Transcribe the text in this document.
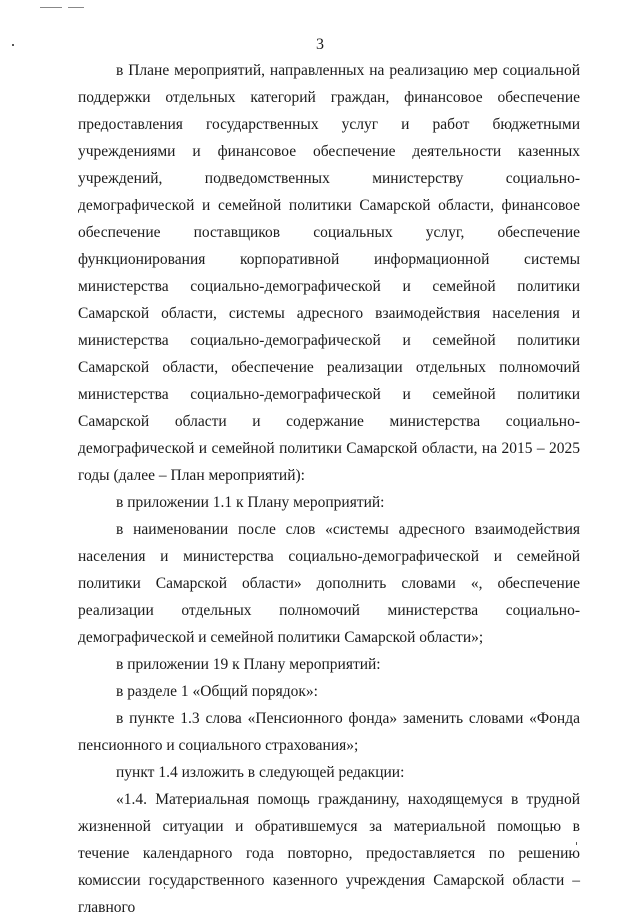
3

в Плане мероприятий, направленных на реализацию мер социальной поддержки отдельных категорий граждан, финансовое обеспечение предоставления государственных услуг и работ бюджетными учреждениями и финансовое обеспечение деятельности казенных учреждений, подведомственных министерству социально-демографической и семейной политики Самарской области, финансовое обеспечение поставщиков социальных услуг, обеспечение функционирования корпоративной информационной системы министерства социально-демографической и семейной политики Самарской области, системы адресного взаимодействия населения и министерства социально-демографической и семейной политики Самарской области, обеспечение реализации отдельных полномочий министерства социально-демографической и семейной политики Самарской области и содержание министерства социально-демографической и семейной политики Самарской области, на 2015 – 2025 годы (далее – План мероприятий):

в приложении 1.1 к Плану мероприятий:

в наименовании после слов «системы адресного взаимодействия населения и министерства социально-демографической и семейной политики Самарской области» дополнить словами «, обеспечение реализации отдельных полномочий министерства социально-демографической и семейной политики Самарской области»;

в приложении 19 к Плану мероприятий:

в разделе 1 «Общий порядок»:

в пункте 1.3 слова «Пенсионного фонда» заменить словами «Фонда пенсионного и социального страхования»;

пункт 1.4 изложить в следующей редакции:

«1.4. Материальная помощь гражданину, находящемуся в трудной жизненной ситуации и обратившемуся за материальной помощью в течение календарного года повторно, предоставляется по решению комиссии государственного казенного учреждения Самарской области – главного
